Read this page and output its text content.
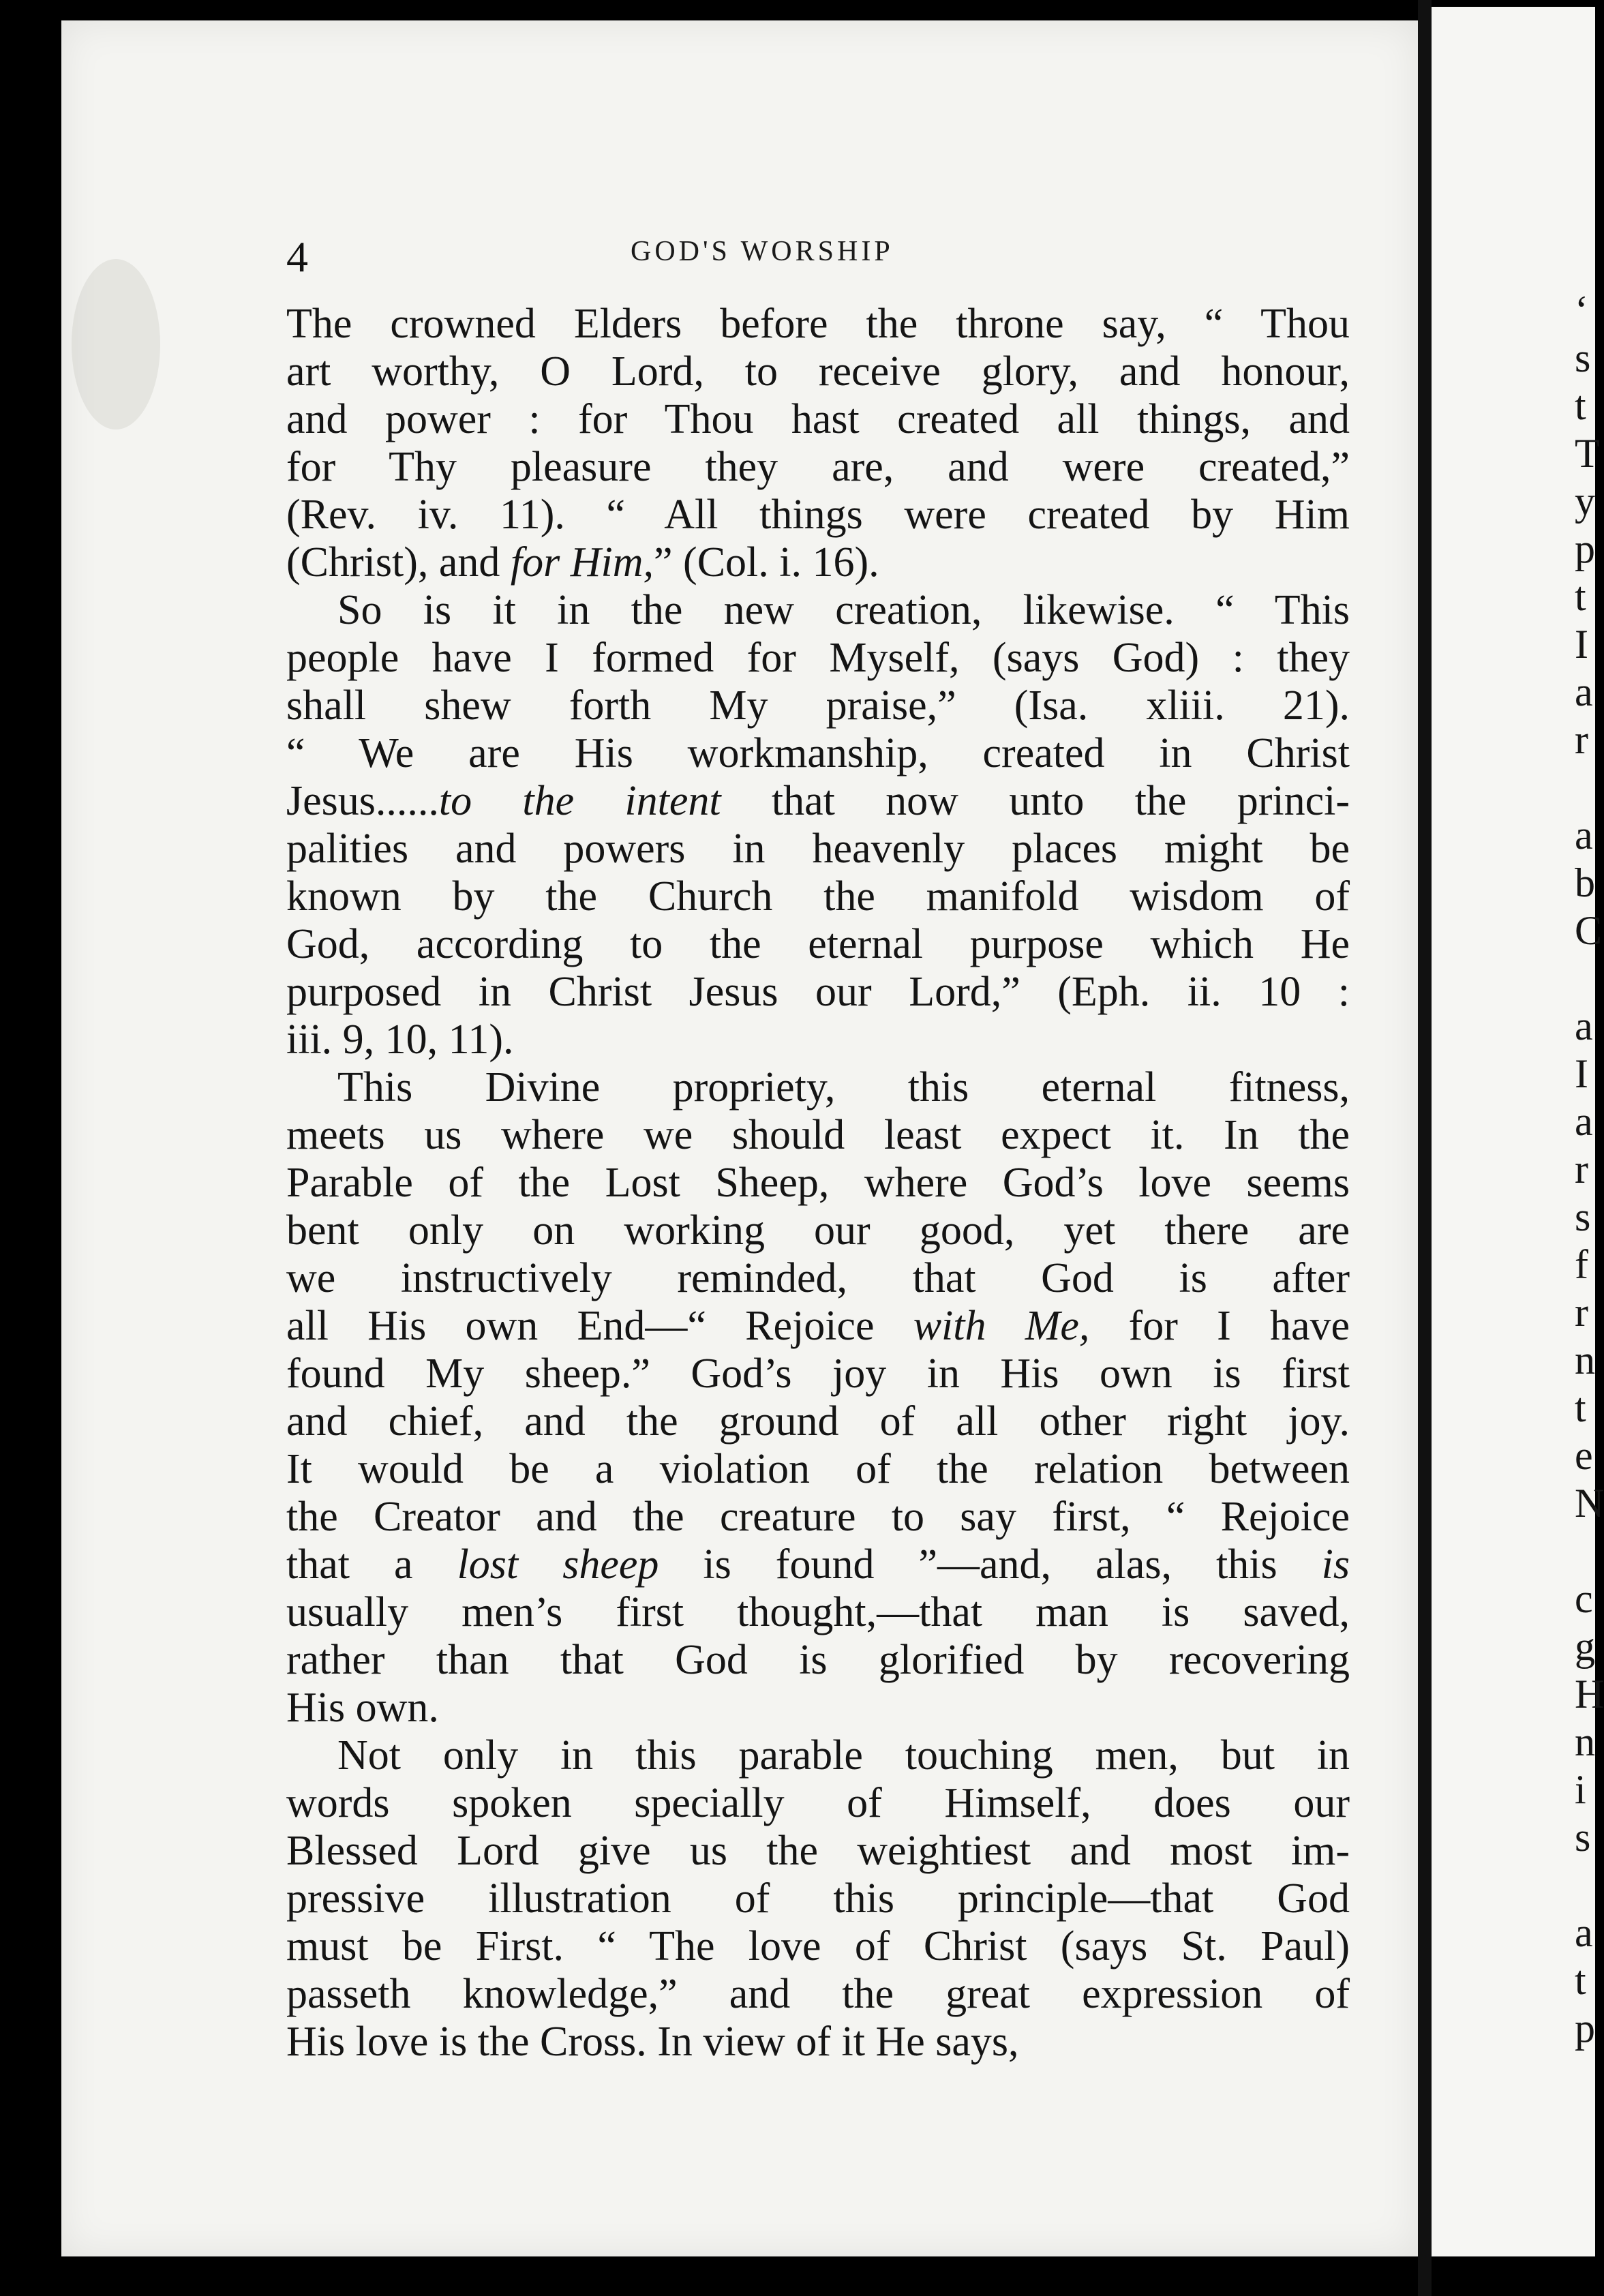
4	GOD'S WORSHIP
The crowned Elders before the throne say, “ Thou
art worthy, O Lord, to receive glory, and honour,
and power : for Thou hast created all things, and
for Thy pleasure they are, and were created,”
(Rev. iv. 11). “ All things were created by Him
(Christ), and for Him,” (Col. i. 16).
So is it in the new creation, likewise. “ This
people have I formed for Myself, (says God) : they
shall shew forth My praise,” (Isa. xliii. 21).
“ We are His workmanship, created in Christ
Jesus......to the intent that now unto the princi-
palities and powers in heavenly places might be
known by the Church the manifold wisdom of
God, according to the eternal purpose which He
purposed in Christ Jesus our Lord,” (Eph. ii. 10 :
iii. 9, 10, 11).
This Divine propriety, this eternal fitness,
meets us where we should least expect it. In the
Parable of the Lost Sheep, where God’s love seems
bent only on working our good, yet there are
we instructively reminded, that God is after
all His own End—“ Rejoice with Me, for I have
found My sheep.” God’s joy in His own is first
and chief, and the ground of all other right joy.
It would be a violation of the relation between
the Creator and the creature to say first, “ Rejoice
that a lost sheep is found ”—and, alas, this is
usually men’s first thought,—that man is saved,
rather than that God is glorified by recovering
His own.
Not only in this parable touching men, but in
words spoken specially of Himself, does our
Blessed Lord give us the weightiest and most im-
pressive illustration of this principle—that God
must be First. “ The love of Christ (says St. Paul)
passeth knowledge,” and the great expression of
His love is the Cross. In view of it He says,
‘
s
t
T
y
p
t
I
a
r
a
b
C
a
I
a
r
s
f
r
n
t
e
N
c
g
H
n
i
s
a
t
p
